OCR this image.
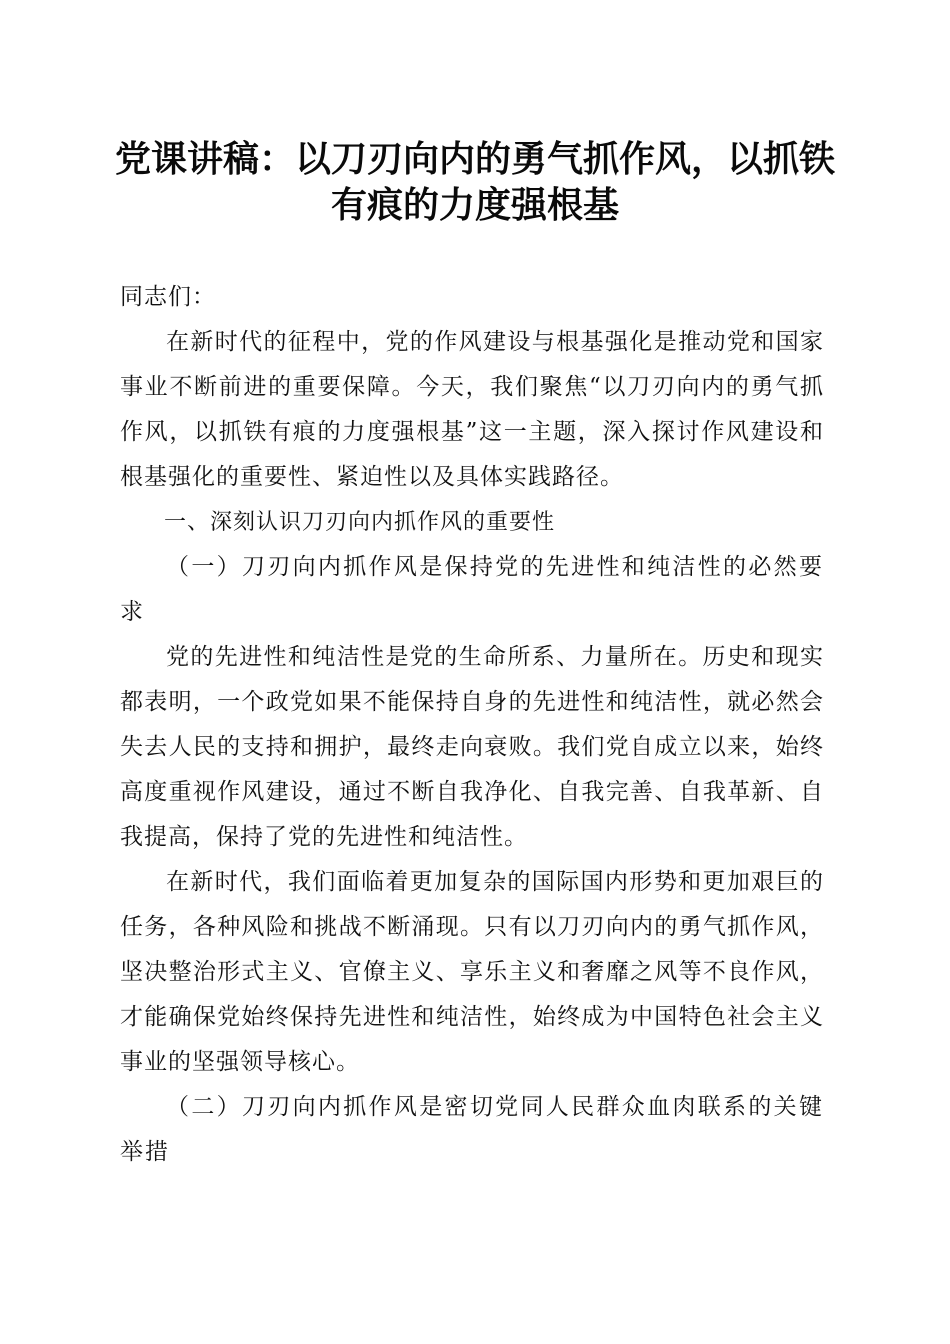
党课讲稿：以刀刃向内的勇气抓作风，以抓铁
有痕的力度强根基

同志们：

在新时代的征程中，党的作风建设与根基强化是推动党和国家事业不断前进的重要保障。今天，我们聚焦“以刀刃向内的勇气抓作风，以抓铁有痕的力度强根基”这一主题，深入探讨作风建设和根基强化的重要性、紧迫性以及具体实践路径。

一、深刻认识刀刃向内抓作风的重要性

（一）刀刃向内抓作风是保持党的先进性和纯洁性的必然要求

党的先进性和纯洁性是党的生命所系、力量所在。历史和现实都表明，一个政党如果不能保持自身的先进性和纯洁性，就必然会失去人民的支持和拥护，最终走向衰败。我们党自成立以来，始终高度重视作风建设，通过不断自我净化、自我完善、自我革新、自我提高，保持了党的先进性和纯洁性。

在新时代，我们面临着更加复杂的国际国内形势和更加艰巨的任务，各种风险和挑战不断涌现。只有以刀刃向内的勇气抓作风，坚决整治形式主义、官僚主义、享乐主义和奢靡之风等不良作风，才能确保党始终保持先进性和纯洁性，始终成为中国特色社会主义事业的坚强领导核心。

（二）刀刃向内抓作风是密切党同人民群众血肉联系的关键举措
